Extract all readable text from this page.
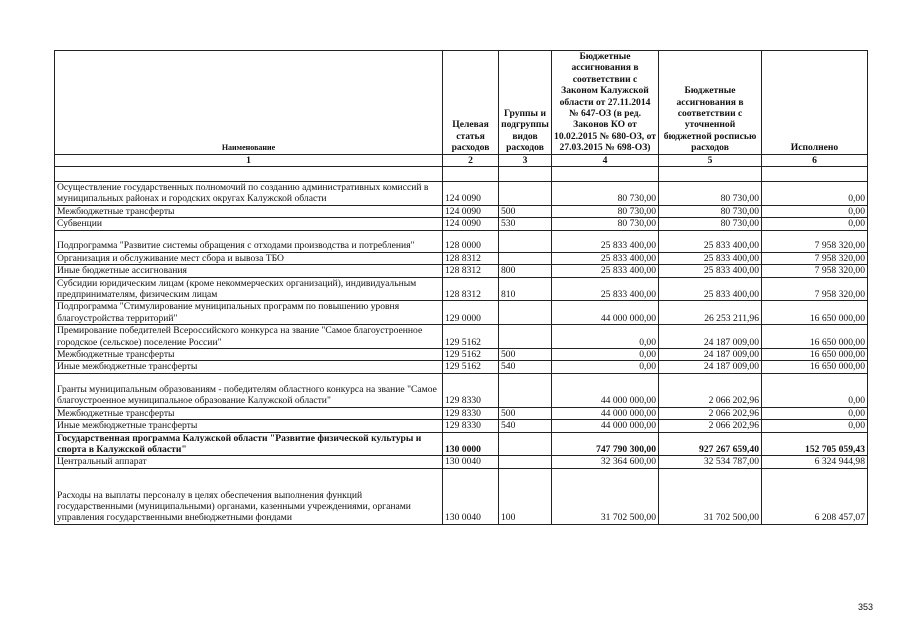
Наименование	Целевая статья расходов	Группы и подгруппы видов расходов	Бюджетные ассигнования в соответствии с Законом Калужской области от 27.11.2014 № 647-ОЗ (в ред. Законов КО от 10.02.2015 № 680-ОЗ, от 27.03.2015 № 698-ОЗ)	Бюджетные ассигнования в соответствии с уточненной бюджетной росписью расходов	Исполнено
1	2	3	4	5	6

Осуществление государственных полномочий по созданию административных комиссий в муниципальных районах и городских округах Калужской области	124 0090		80 730,00	80 730,00	0,00
Межбюджетные трансферты	124 0090	500	80 730,00	80 730,00	0,00
Субвенции	124 0090	530	80 730,00	80 730,00	0,00
Подпрограмма "Развитие системы обращения с отходами производства и потребления"	128 0000		25 833 400,00	25 833 400,00	7 958 320,00
Организация и обслуживание мест сбора и вывоза ТБО	128 8312		25 833 400,00	25 833 400,00	7 958 320,00
Иные бюджетные ассигнования	128 8312	800	25 833 400,00	25 833 400,00	7 958 320,00
Субсидии юридическим лицам (кроме некоммерческих организаций), индивидуальным предпринимателям, физическим лицам	128 8312	810	25 833 400,00	25 833 400,00	7 958 320,00
Подпрограмма "Стимулирование муниципальных программ по повышению уровня благоустройства территорий"	129 0000		44 000 000,00	26 253 211,96	16 650 000,00
Премирование победителей Всероссийского конкурса на звание "Самое благоустроенное городское (сельское) поселение России"	129 5162		0,00	24 187 009,00	16 650 000,00
Межбюджетные трансферты	129 5162	500	0,00	24 187 009,00	16 650 000,00
Иные межбюджетные трансферты	129 5162	540	0,00	24 187 009,00	16 650 000,00
Гранты муниципальным образованиям - победителям областного конкурса на звание "Самое благоустроенное муниципальное образование Калужской области"	129 8330		44 000 000,00	2 066 202,96	0,00
Межбюджетные трансферты	129 8330	500	44 000 000,00	2 066 202,96	0,00
Иные межбюджетные трансферты	129 8330	540	44 000 000,00	2 066 202,96	0,00
Государственная программа Калужской области "Развитие физической культуры и спорта в Калужской области"	130 0000		747 790 300,00	927 267 659,40	152 705 059,43
Центральный аппарат	130 0040		32 364 600,00	32 534 787,00	6 324 944,98
Расходы на выплаты персоналу в целях обеспечения выполнения функций государственными (муниципальными) органами, казенными учреждениями, органами управления государственными внебюджетными фондами	130 0040	100	31 702 500,00	31 702 500,00	6 208 457,07
353
